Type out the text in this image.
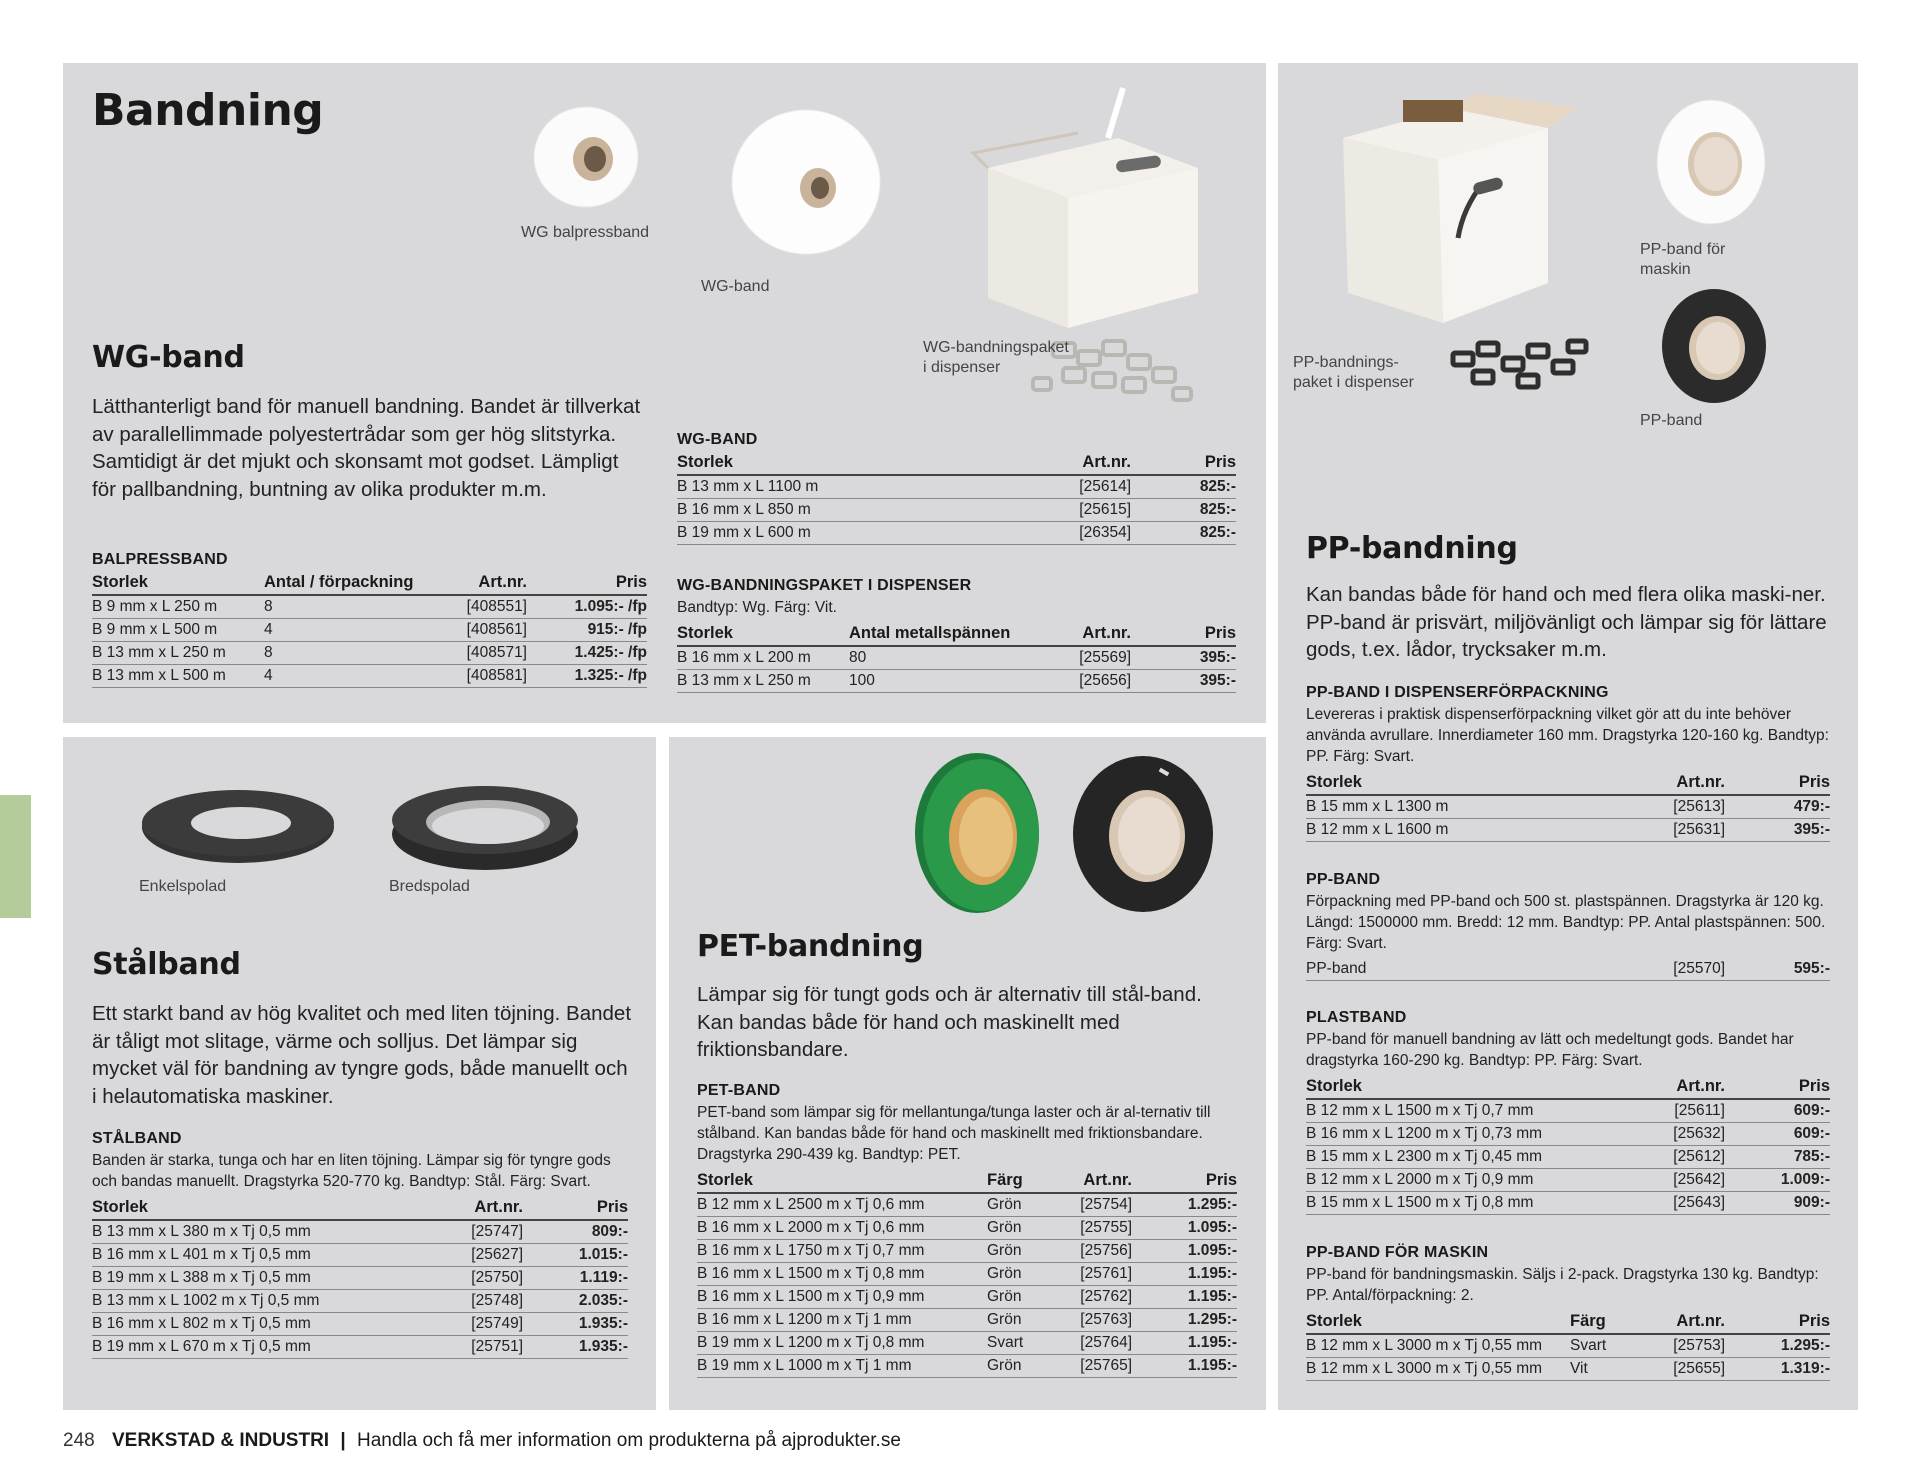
Bandning
WG balpressband
WG-band
WG-bandningspaket
i dispenser
WG-band

Lätthanterligt band för manuell bandning. Bandet är tillverkat av parallellimmade polyestertrådar som ger hög slitstyrka. Samtidigt är det mjukt och skonsamt mot godset. Lämpligt för pallbandning, buntning av olika produkter m.m.

BALPRESSBAND
Storlek	Antal / förpackning	Art.nr.	Pris
B 9 mm x L 250 m	8	[408551]	1.095:- /fp
B 9 mm x L 500 m	4	[408561]	915:- /fp
B 13 mm x L 250 m	8	[408571]	1.425:- /fp
B 13 mm x L 500 m	4	[408581]	1.325:- /fp
WG-BAND
Storlek	Art.nr.	Pris
B 13 mm x L 1100 m	[25614]	825:-
B 16 mm x L 850 m	[25615]	825:-
B 19 mm x L 600 m	[26354]	825:-
WG-BANDNINGSPAKET I DISPENSER

Bandtyp: Wg. Färg: Vit.

Storlek	Antal metallspännen	Art.nr.	Pris
B 16 mm x L 200 m	80	[25569]	395:-
B 13 mm x L 250 m	100	[25656]	395:-
PP-bandnings-
paket i dispenser
PP-band för
maskin
PP-band
PP-bandning

Kan bandas både för hand och med flera olika maski-ner. PP-band är prisvärt, miljövänligt och lämpar sig för lättare gods, t.ex. lådor, trycksaker m.m.

PP-BAND I DISPENSERFÖRPACKNING

Levereras i praktisk dispenserförpackning vilket gör att du inte behöver använda avrullare. Innerdiameter 160 mm. Dragstyrka 120-160 kg. Bandtyp: PP. Färg: Svart.

Storlek	Art.nr.	Pris
B 15 mm x L 1300 m	[25613]	479:-
B 12 mm x L 1600 m	[25631]	395:-
PP-BAND

Förpackning med PP-band och 500 st. plastspännen. Dragstyrka är 120 kg. Längd: 1500000 mm. Bredd: 12 mm. Bandtyp: PP. Antal plastspännen: 500. Färg: Svart.

PP-band	[25570]	595:-
PLASTBAND

PP-band för manuell bandning av lätt och medeltungt gods. Bandet har dragstyrka 160-290 kg. Bandtyp: PP. Färg: Svart.

Storlek	Art.nr.	Pris
B 12 mm x L 1500 m x Tj 0,7 mm	[25611]	609:-
B 16 mm x L 1200 m x Tj 0,73 mm	[25632]	609:-
B 15 mm x L 2300 m x Tj 0,45 mm	[25612]	785:-
B 12 mm x L 2000 m x Tj 0,9 mm	[25642]	1.009:-
B 15 mm x L 1500 m x Tj 0,8 mm	[25643]	909:-
PP-BAND FÖR MASKIN

PP-band för bandningsmaskin. Säljs i 2-pack. Dragstyrka 130 kg. Bandtyp: PP. Antal/förpackning: 2.

Storlek	Färg	Art.nr.	Pris
B 12 mm x L 3000 m x Tj 0,55 mm	Svart	[25753]	1.295:-
B 12 mm x L 3000 m x Tj 0,55 mm	Vit	[25655]	1.319:-
Enkelspolad	Bredspolad
Stålband

Ett starkt band av hög kvalitet och med liten töjning. Bandet är tåligt mot slitage, värme och solljus. Det lämpar sig mycket väl för bandning av tyngre gods, både manuellt och i helautomatiska maskiner.

STÅLBAND

Banden är starka, tunga och har en liten töjning. Lämpar sig för tyngre gods och bandas manuellt. Dragstyrka 520-770 kg. Bandtyp: Stål. Färg: Svart.

Storlek	Art.nr.	Pris
B 13 mm x L 380 m x Tj 0,5 mm	[25747]	809:-
B 16 mm x L 401 m x Tj 0,5 mm	[25627]	1.015:-
B 19 mm x L 388 m x Tj 0,5 mm	[25750]	1.119:-
B 13 mm x L 1002 m x Tj 0,5 mm	[25748]	2.035:-
B 16 mm x L 802 m x Tj 0,5 mm	[25749]	1.935:-
B 19 mm x L 670 m x Tj 0,5 mm	[25751]	1.935:-
PET-bandning

Lämpar sig för tungt gods och är alternativ till stål-band. Kan bandas både för hand och maskinellt med friktionsbandare.

PET-BAND

PET-band som lämpar sig för mellantunga/tunga laster och är al-ternativ till stålband. Kan bandas både för hand och maskinellt med friktionsbandare. Dragstyrka 290-439 kg. Bandtyp: PET.

Storlek	Färg	Art.nr.	Pris
B 12 mm x L 2500 m x Tj 0,6 mm	Grön	[25754]	1.295:-
B 16 mm x L 2000 m x Tj 0,6 mm	Grön	[25755]	1.095:-
B 16 mm x L 1750 m x Tj 0,7 mm	Grön	[25756]	1.095:-
B 16 mm x L 1500 m x Tj 0,8 mm	Grön	[25761]	1.195:-
B 16 mm x L 1500 m x Tj 0,9 mm	Grön	[25762]	1.195:-
B 16 mm x L 1200 m x Tj 1 mm	Grön	[25763]	1.295:-
B 19 mm x L 1200 m x Tj 0,8 mm	Svart	[25764]	1.195:-
B 19 mm x L 1000 m x Tj 1 mm	Grön	[25765]	1.195:-
248 VERKSTAD & INDUSTRI | Handla och få mer information om produkterna på ajprodukter.se
